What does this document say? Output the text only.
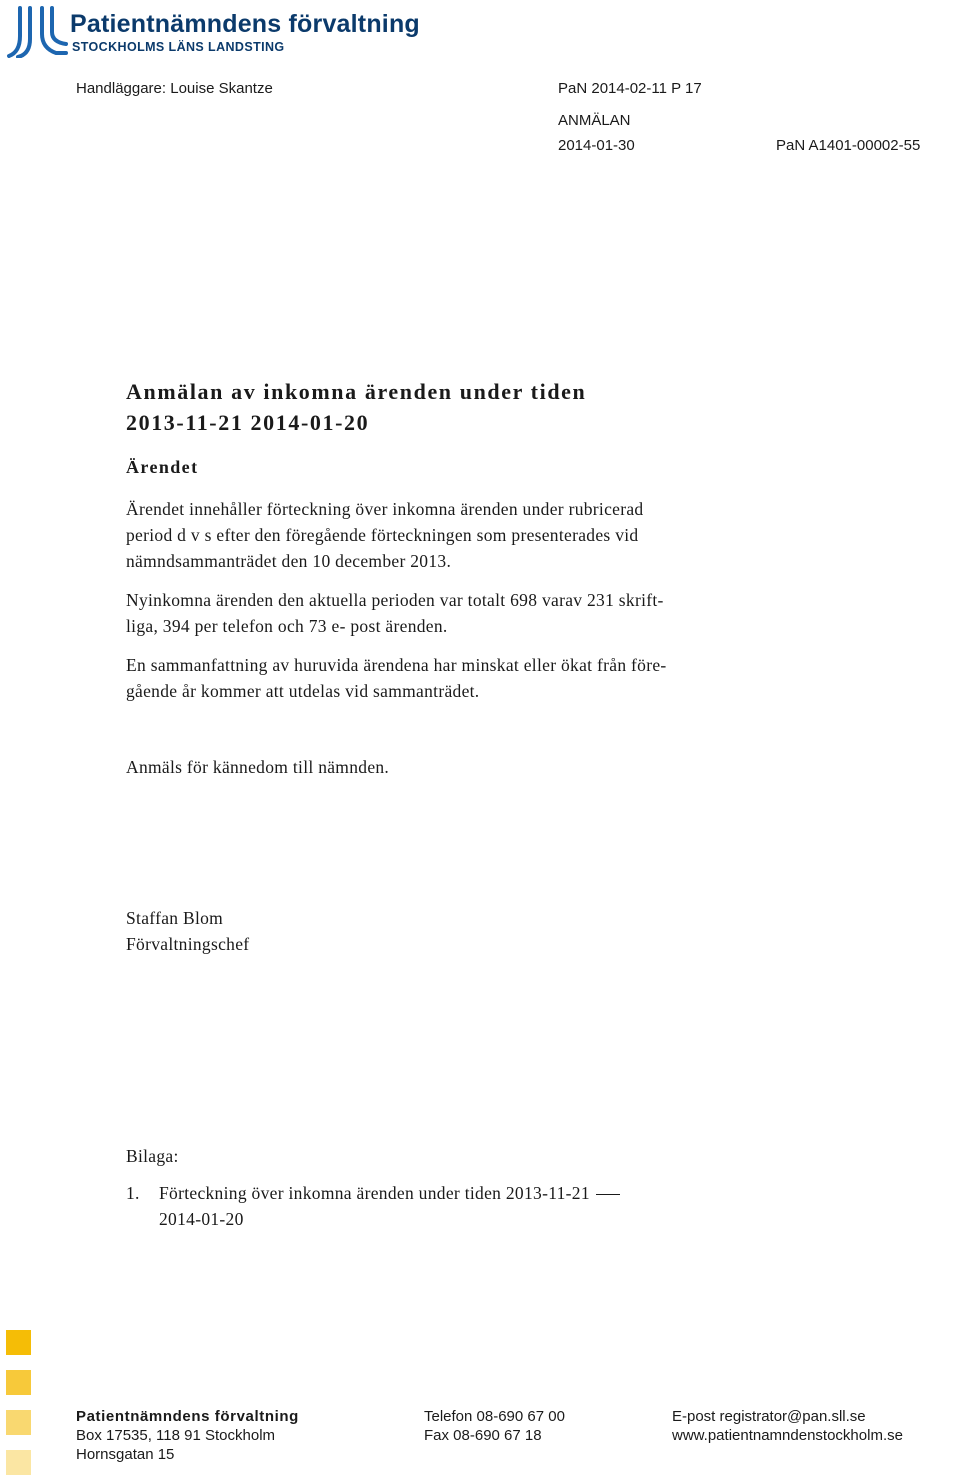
Patientnämndens förvaltning
STOCKHOLMS LÄNS LANDSTING
Handläggare: Louise Skantze	PaN 2014-02-11 P 17
ANMÄLAN
2014-01-30	PaN A1401-00002-55
Anmälan av inkomna ärenden under tiden
2013-11-21 2014-01-20
Ärendet
Ärendet innehåller förteckning över inkomna ärenden under rubricerad
period d v s efter den föregående förteckningen som presenterades vid
nämndsammanträdet den 10 december 2013.
Nyinkomna ärenden den aktuella perioden var totalt 698 varav 231 skrift-
liga, 394 per telefon och 73 e- post ärenden.
En sammanfattning av huruvida ärendena har minskat eller ökat från före-
gående år kommer att utdelas vid sammanträdet.
Anmäls för kännedom till nämnden.
Staffan Blom
Förvaltningschef
Bilaga:
1.	Förteckning över inkomna ärenden under tiden 2013-11-21
2014-01-20
Patientnämndens förvaltning
Box 17535, 118 91 Stockholm
Hornsgatan 15
Telefon 08-690 67 00
Fax 08-690 67 18
E-post registrator@pan.sll.se
www.patientnamndenstockholm.se
